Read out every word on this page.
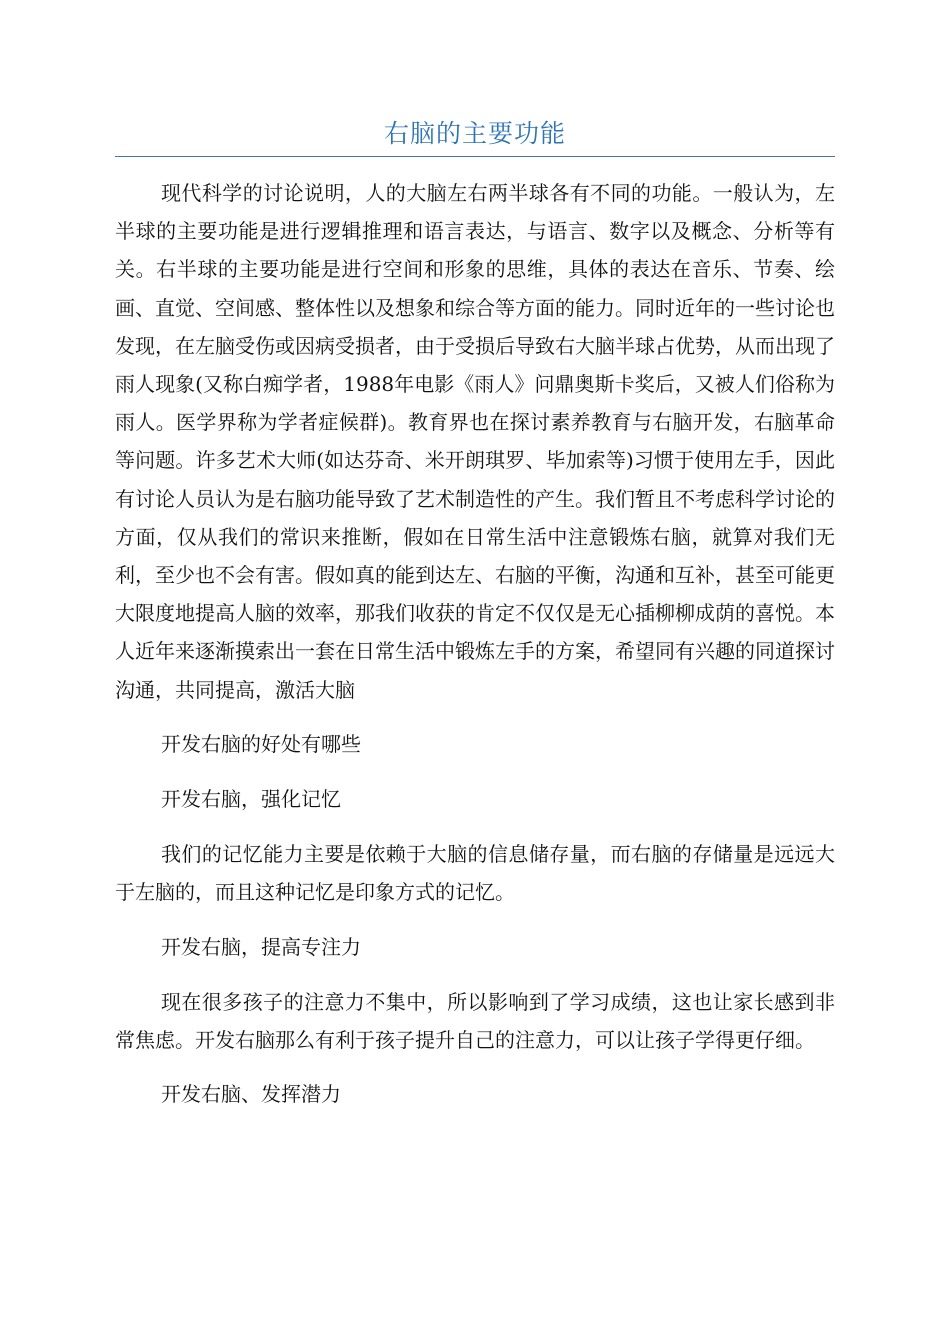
右脑的主要功能

现代科学的讨论说明，人的大脑左右两半球各有不同的功能。一般认为，左半球的主要功能是进行逻辑推理和语言表达，与语言、数字以及概念、分析等有关。右半球的主要功能是进行空间和形象的思维，具体的表达在音乐、节奏、绘画、直觉、空间感、整体性以及想象和综合等方面的能力。同时近年的一些讨论也发现，在左脑受伤或因病受损者，由于受损后导致右大脑半球占优势，从而出现了雨人现象(又称白痴学者，1988年电影《雨人》问鼎奥斯卡奖后，又被人们俗称为雨人。医学界称为学者症候群)。教育界也在探讨素养教育与右脑开发，右脑革命等问题。许多艺术大师(如达芬奇、米开朗琪罗、毕加索等)习惯于使用左手，因此有讨论人员认为是右脑功能导致了艺术制造性的产生。我们暂且不考虑科学讨论的方面，仅从我们的常识来推断，假如在日常生活中注意锻炼右脑，就算对我们无利，至少也不会有害。假如真的能到达左、右脑的平衡，沟通和互补，甚至可能更大限度地提高人脑的效率，那我们收获的肯定不仅仅是无心插柳柳成荫的喜悦。本人近年来逐渐摸索出一套在日常生活中锻炼左手的方案，希望同有兴趣的同道探讨沟通，共同提高，激活大脑

开发右脑的好处有哪些

开发右脑，强化记忆

我们的记忆能力主要是依赖于大脑的信息储存量，而右脑的存储量是远远大于左脑的，而且这种记忆是印象方式的记忆。

开发右脑，提高专注力

现在很多孩子的注意力不集中，所以影响到了学习成绩，这也让家长感到非常焦虑。开发右脑那么有利于孩子提升自己的注意力，可以让孩子学得更仔细。

开发右脑、发挥潜力
